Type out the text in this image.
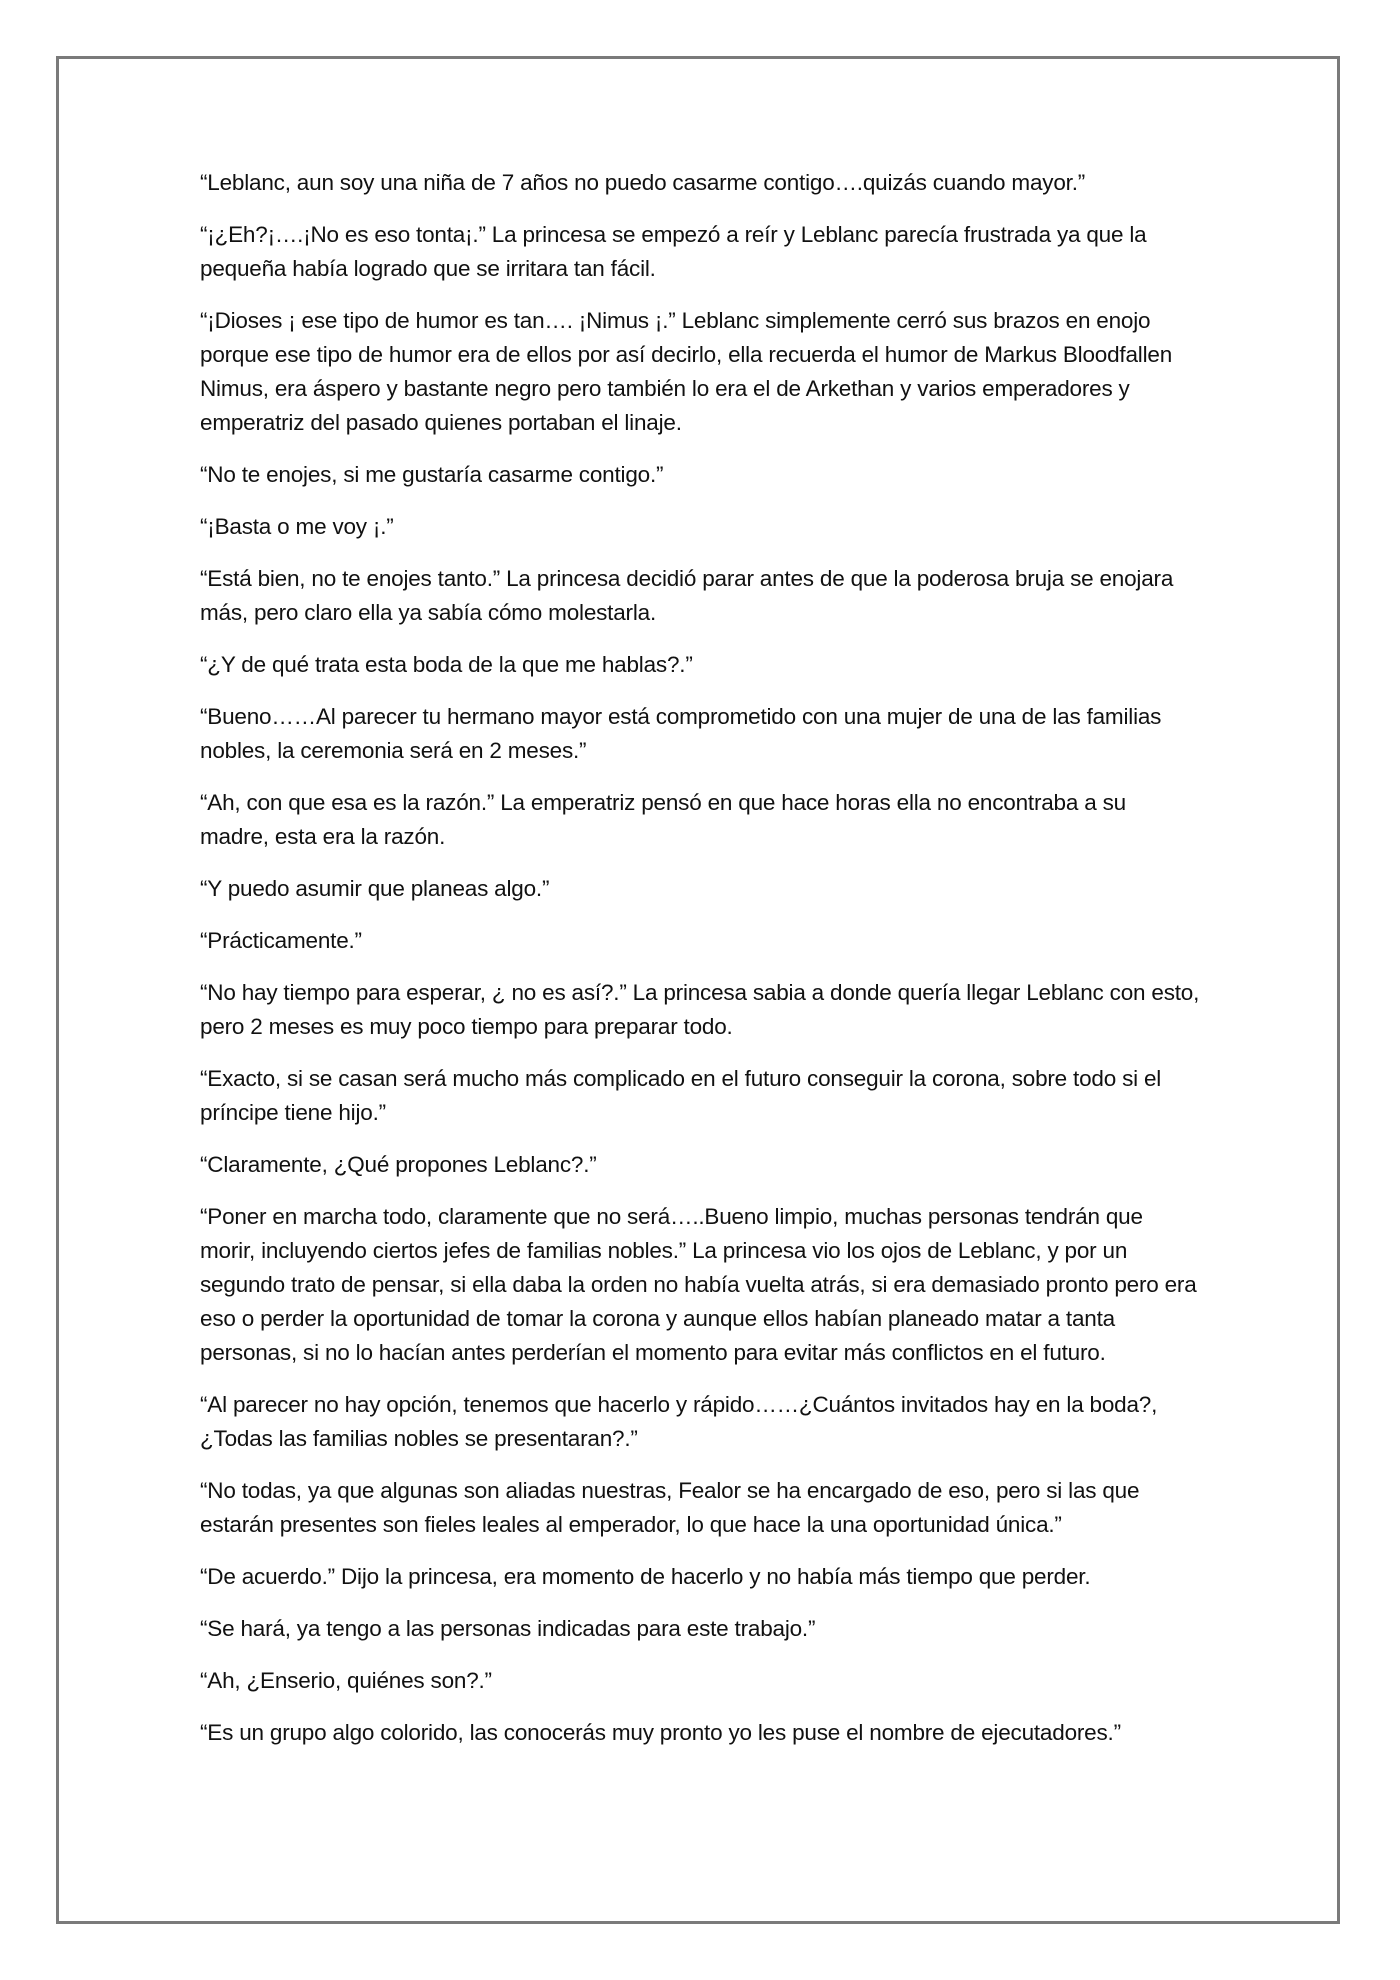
“Leblanc, aun soy una niña de 7 años no puedo casarme contigo….quizás cuando mayor.”

“¡¿Eh?¡….¡No es eso tonta¡.” La princesa se empezó a reír y Leblanc parecía frustrada ya que la pequeña había logrado que se irritara tan fácil.

“¡Dioses ¡ ese tipo de humor es tan…. ¡Nimus ¡.” Leblanc simplemente cerró sus brazos en enojo porque ese tipo de humor era de ellos por así decirlo, ella recuerda el humor de Markus Bloodfallen Nimus, era áspero y bastante negro pero también lo era el de Arkethan y varios emperadores y emperatriz del pasado quienes portaban el linaje.

“No te enojes, si me gustaría casarme contigo.”

“¡Basta o me voy ¡.”

“Está bien, no te enojes tanto.” La princesa decidió parar antes de que la poderosa bruja se enojara más, pero claro ella ya sabía cómo molestarla.

“¿Y de qué trata esta boda de la que me hablas?.”

“Bueno……Al parecer tu hermano mayor está comprometido con una mujer de una de las familias nobles, la ceremonia será en 2 meses.”

“Ah, con que esa es la razón.” La emperatriz pensó en que hace horas ella no encontraba a su madre, esta era la razón.

“Y puedo asumir que planeas algo.”

“Prácticamente.”

“No hay tiempo para esperar, ¿ no es así?.” La princesa sabia a donde quería llegar Leblanc con esto, pero 2 meses es muy poco tiempo para preparar todo.

“Exacto, si se casan será mucho más complicado en el futuro conseguir la corona, sobre todo si el príncipe tiene hijo.”

“Claramente, ¿Qué propones Leblanc?.”

“Poner en marcha todo, claramente que no será…..Bueno limpio, muchas personas tendrán que morir, incluyendo ciertos jefes de familias nobles.” La princesa vio los ojos de Leblanc, y por un segundo trato de pensar, si ella daba la orden no había vuelta atrás, si era demasiado pronto pero era eso o perder la oportunidad de tomar la corona y aunque ellos habían planeado matar a tanta personas, si no lo hacían antes perderían el momento para evitar más conflictos en el futuro.

“Al parecer no hay opción, tenemos que hacerlo y rápido……¿Cuántos invitados hay en la boda?, ¿Todas las familias nobles se presentaran?.”

“No todas, ya que algunas son aliadas nuestras, Fealor se ha encargado de eso, pero si las que estarán presentes son fieles leales al emperador, lo que hace la una oportunidad única.”

“De acuerdo.” Dijo la princesa, era momento de hacerlo y no había más tiempo que perder.

“Se hará, ya tengo a las personas indicadas para este trabajo.”

“Ah, ¿Enserio, quiénes son?.”

“Es un grupo algo colorido, las conocerás muy pronto yo les puse el nombre de ejecutadores.”
